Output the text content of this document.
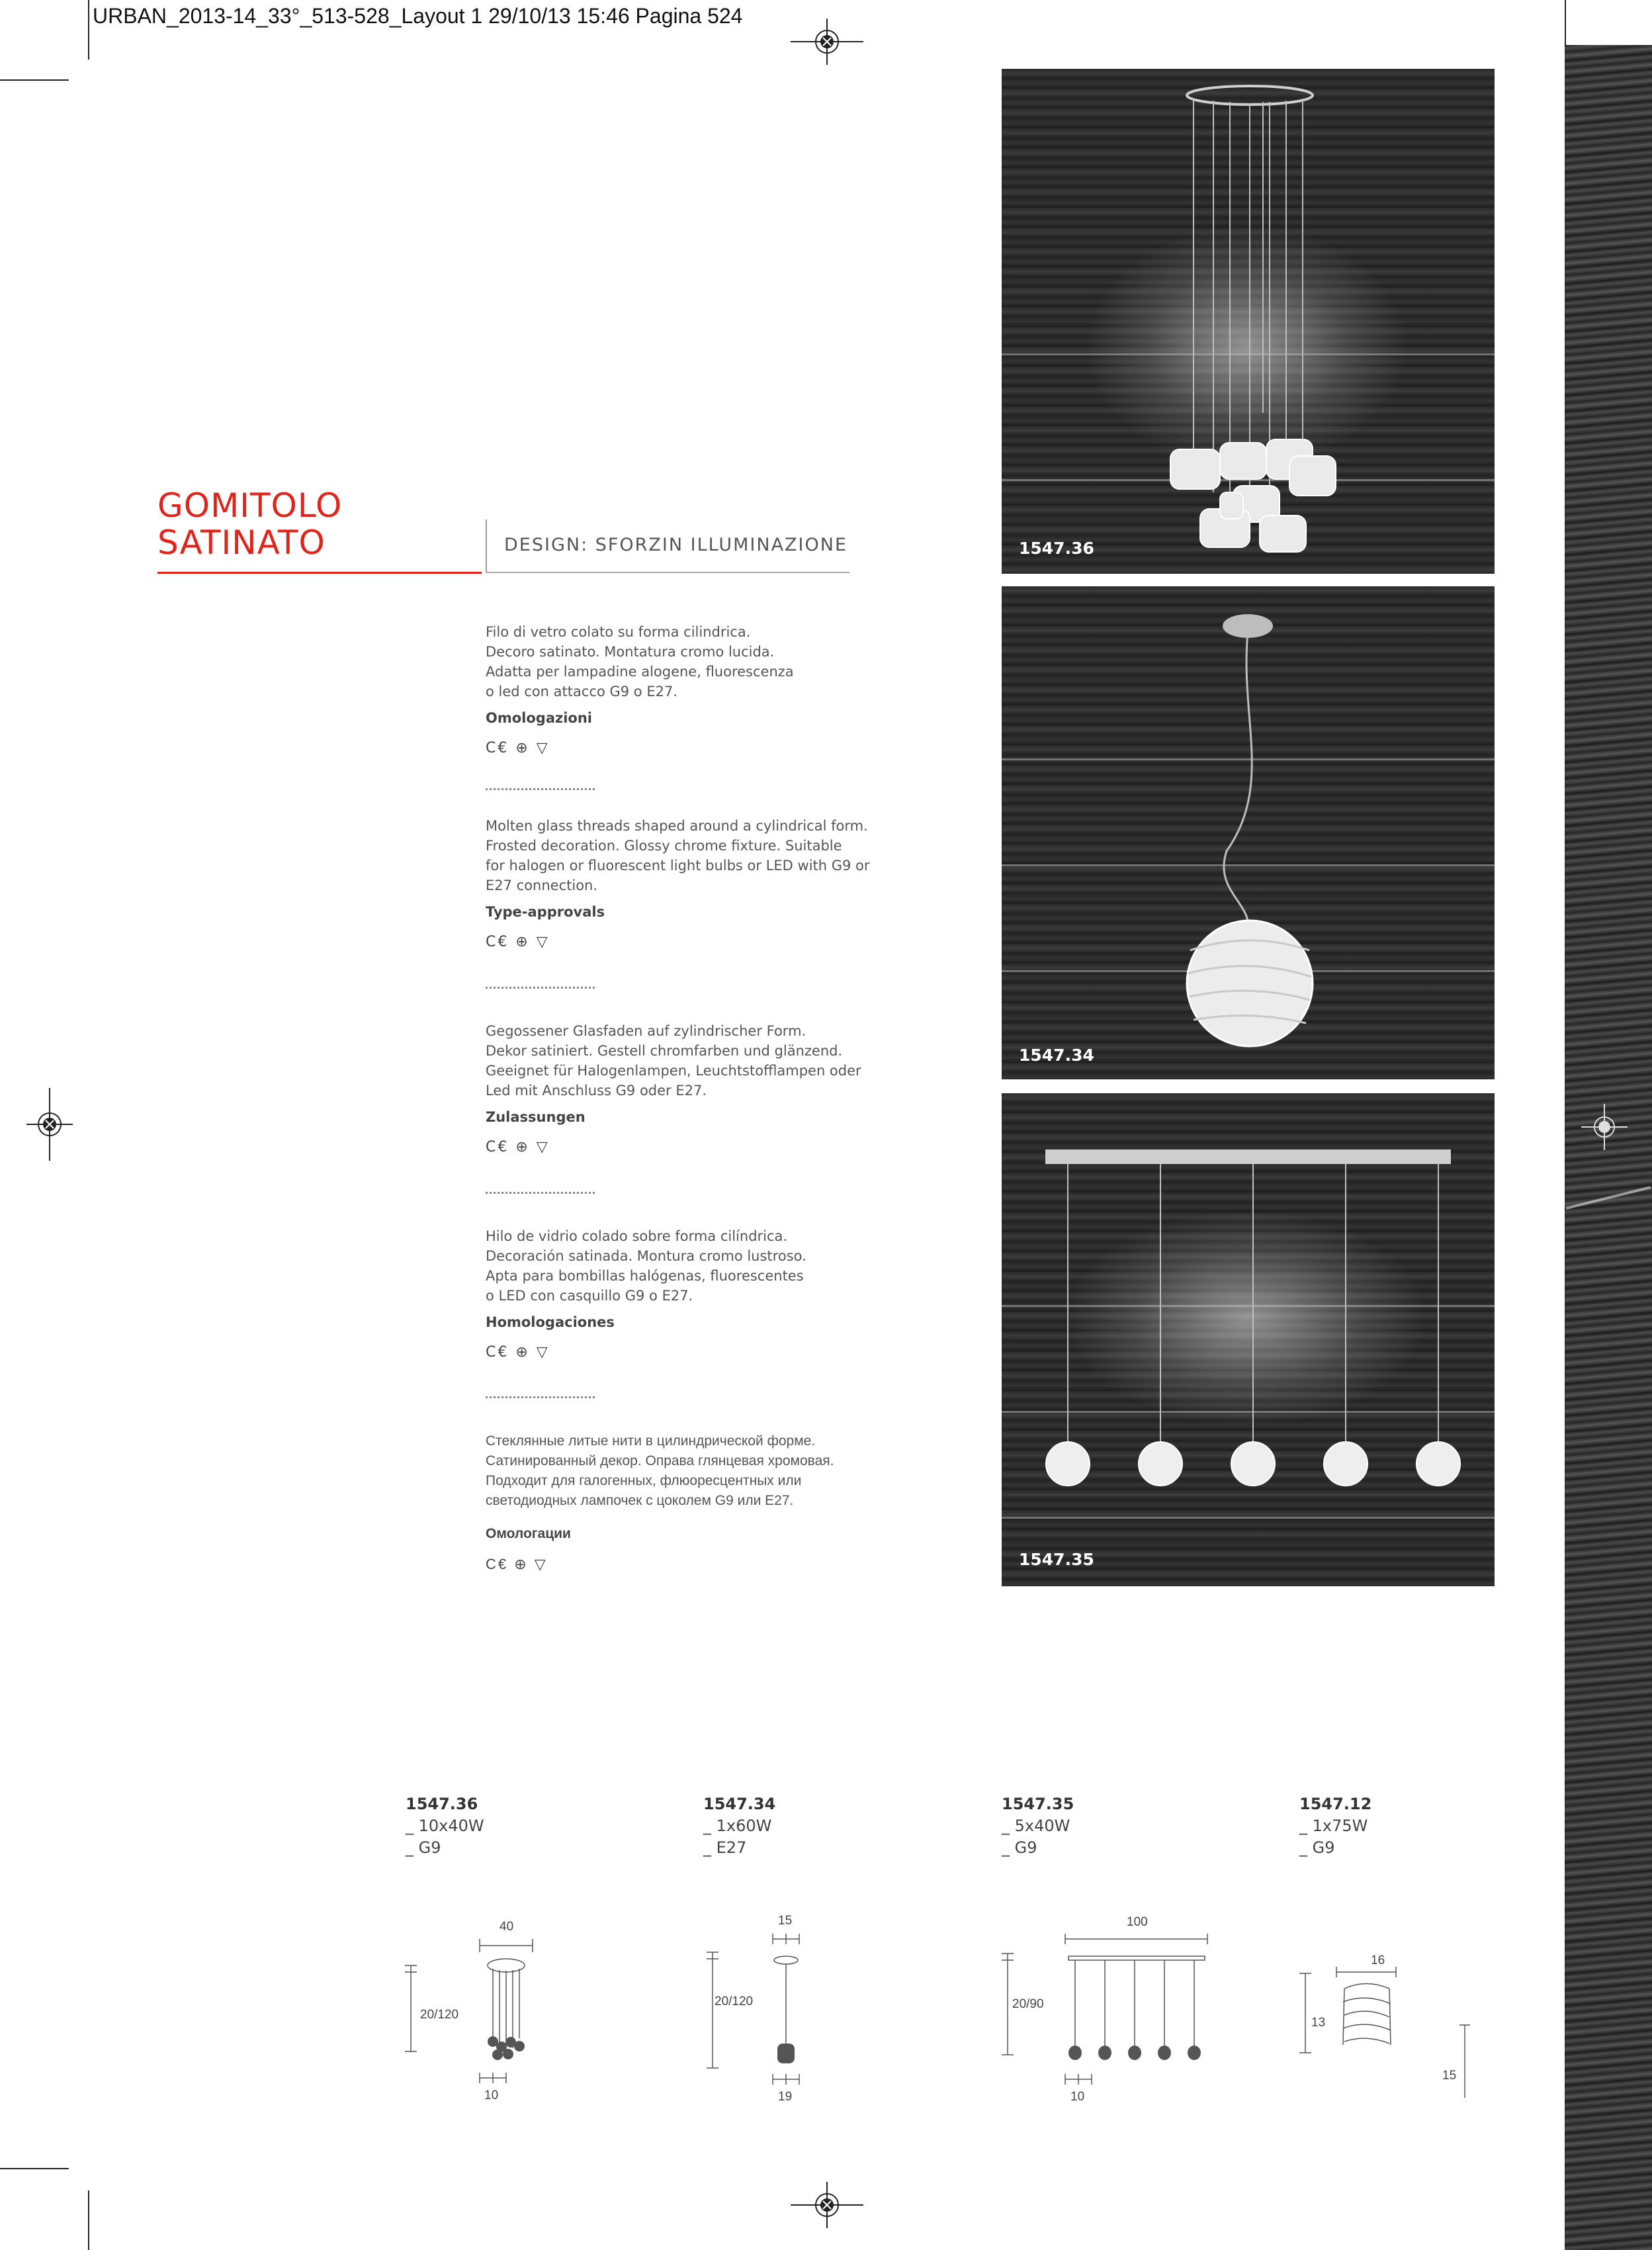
URBAN_2013-14_33°_513-528_Layout 1 29/10/13 15:46 Pagina 524
GOMITOLO
SATINATO	DESIGN: SFORZIN ILLUMINAZIONE

Filo di vetro colato su forma cilindrica.
Decoro satinato. Montatura cromo lucida.
Adatta per lampadine alogene, fluorescenza
o led con attacco G9 o E27.

Omologazioni

C€ ⊕ ▽

Molten glass threads shaped around a cylindrical form.
Frosted decoration. Glossy chrome fixture. Suitable
for halogen or fluorescent light bulbs or LED with G9 or
E27 connection.

Type-approvals

C€ ⊕ ▽

Gegossener Glasfaden auf zylindrischer Form.
Dekor satiniert. Gestell chromfarben und glänzend.
Geeignet für Halogenlampen, Leuchtstofflampen oder
Led mit Anschluss G9 oder E27.

Zulassungen

C€ ⊕ ▽

Hilo de vidrio colado sobre forma cilíndrica.
Decoración satinada. Montura cromo lustroso.
Apta para bombillas halógenas, fluorescentes
o LED con casquillo G9 o E27.

Homologaciones

C€ ⊕ ▽

Стеклянные литые нити в цилиндрической форме.
Сатинированный декор. Оправа глянцевая хромовая.
Подходит для галогенных, флюоресцентных или
светодиодных лампочек с цоколем G9 или E27.

Омологации

C€ ⊕ ▽

1547.36
1547.34
1547.35
1547.36
_ 10x40W
_ G9
1547.34
_ 1x60W
_ E27
1547.35
_ 5x40W
_ G9
1547.12
_ 1x75W
_ G9
40
20/120
10
15
20/120
19
100
20/90
10
16
13
15
